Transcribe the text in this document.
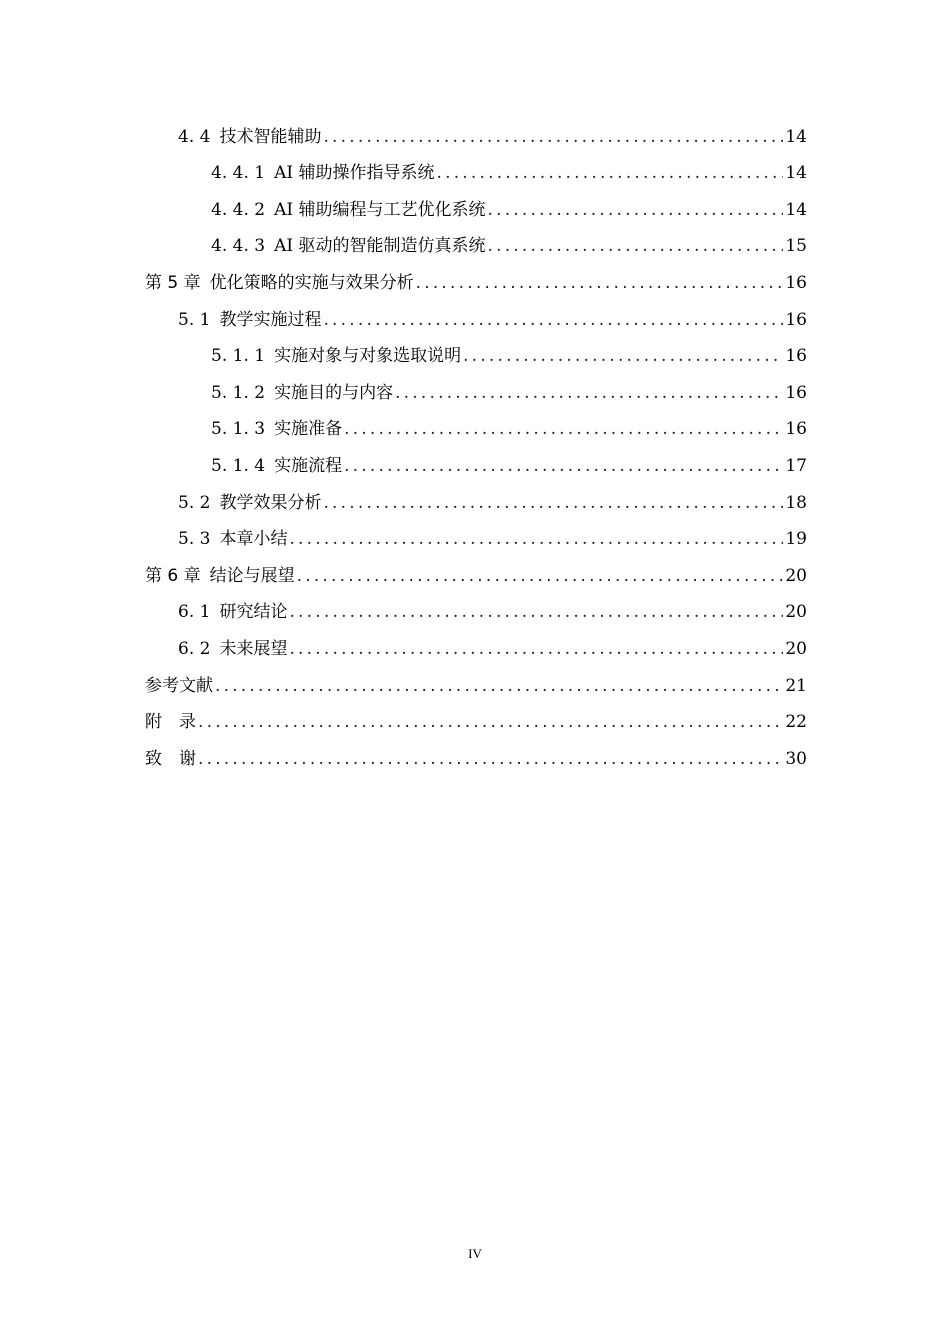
4. 4 技术智能辅助 .....	14
4. 4. 1 AI 辅助操作指导系统 .....	14
4. 4. 2 AI 辅助编程与工艺优化系统 .....	14
4. 4. 3 AI 驱动的智能制造仿真系统 .....	15
第 5 章 优化策略的实施与效果分析 .....	16
5. 1 教学实施过程 .....	16
5. 1. 1 实施对象与对象选取说明 .....	16
5. 1. 2 实施目的与内容 .....	16
5. 1. 3 实施准备 .....	16
5. 1. 4 实施流程 .....	17
5. 2 教学效果分析 .....	18
5. 3 本章小结 .....	19
第 6 章 结论与展望 .....	20
6. 1 研究结论 .....	20
6. 2 未来展望 .....	20
参考文献 .....	21
附　录 .....	22
致　谢 .....	30
IV
